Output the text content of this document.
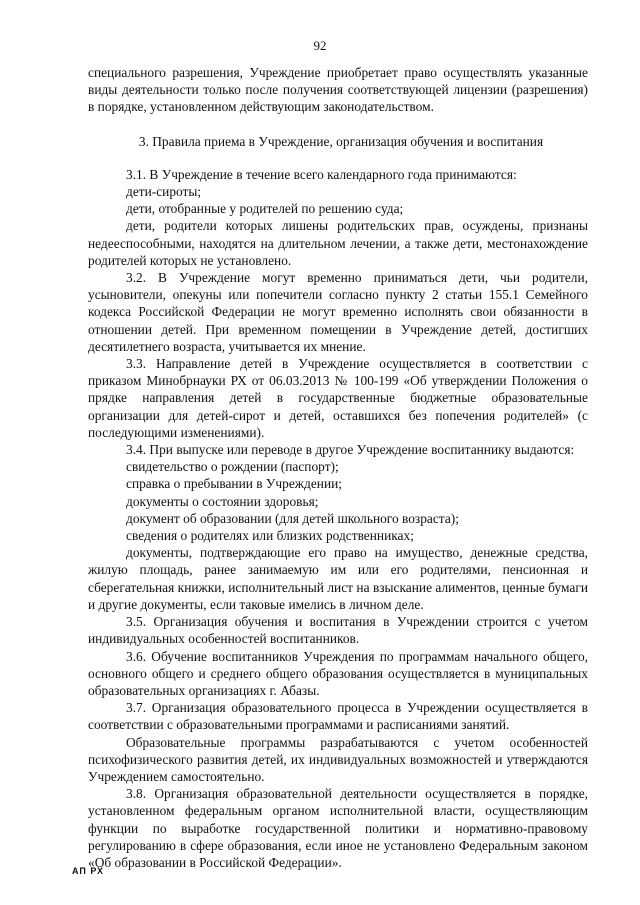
92

специального разрешения, Учреждение приобретает право осуществлять указанные виды деятельности только после получения соответствующей лицензии (разрешения) в порядке, установленном действующим законодательством.

3. Правила приема в Учреждение, организация обучения и воспитания

3.1. В Учреждение в течение всего календарного года принимаются:

дети-сироты;

дети, отобранные у родителей по решению суда;

дети, родители которых лишены родительских прав, осуждены, признаны недееспособными, находятся на длительном лечении, а также дети, местонахождение родителей которых не установлено.

3.2. В Учреждение могут временно приниматься дети, чьи родители, усыновители, опекуны или попечители согласно пункту 2 статьи 155.1 Семейного кодекса Российской Федерации не могут временно исполнять свои обязанности в отношении детей. При временном помещении в Учреждение детей, достигших десятилетнего возраста, учитывается их мнение.

3.3. Направление детей в Учреждение осуществляется в соответствии с приказом Минобрнауки РХ от 06.03.2013 № 100-199 «Об утверждении Положения о прядке направления детей в государственные бюджетные образовательные организации для детей-сирот и детей, оставшихся без попечения родителей» (с последующими изменениями).

3.4. При выпуске или переводе в другое Учреждение воспитаннику выдаются:

свидетельство о рождении (паспорт);

справка о пребывании в Учреждении;

документы о состоянии здоровья;

документ об образовании (для детей школьного возраста);

сведения о родителях или близких родственниках;

документы, подтверждающие его право на имущество, денежные средства, жилую площадь, ранее занимаемую им или его родителями, пенсионная и сберегательная книжки, исполнительный лист на взыскание алиментов, ценные бумаги и другие документы, если таковые имелись в личном деле.

3.5. Организация обучения и воспитания в Учреждении строится с учетом индивидуальных особенностей воспитанников.

3.6. Обучение воспитанников Учреждения по программам начального общего, основного общего и среднего общего образования осуществляется в муниципальных образовательных организациях г. Абазы.

3.7. Организация образовательного процесса в Учреждении осуществляется в соответствии с образовательными программами и расписаниями занятий.

Образовательные программы разрабатываются с учетом особенностей психофизического развития детей, их индивидуальных возможностей и утверждаются Учреждением самостоятельно.

3.8. Организация образовательной деятельности осуществляется в порядке, установленном федеральным органом исполнительной власти, осуществляющим функции по выработке государственной политики и нормативно-правовому регулированию в сфере образования, если иное не установлено Федеральным законом «Об образовании в Российской Федерации».

АП РХ
